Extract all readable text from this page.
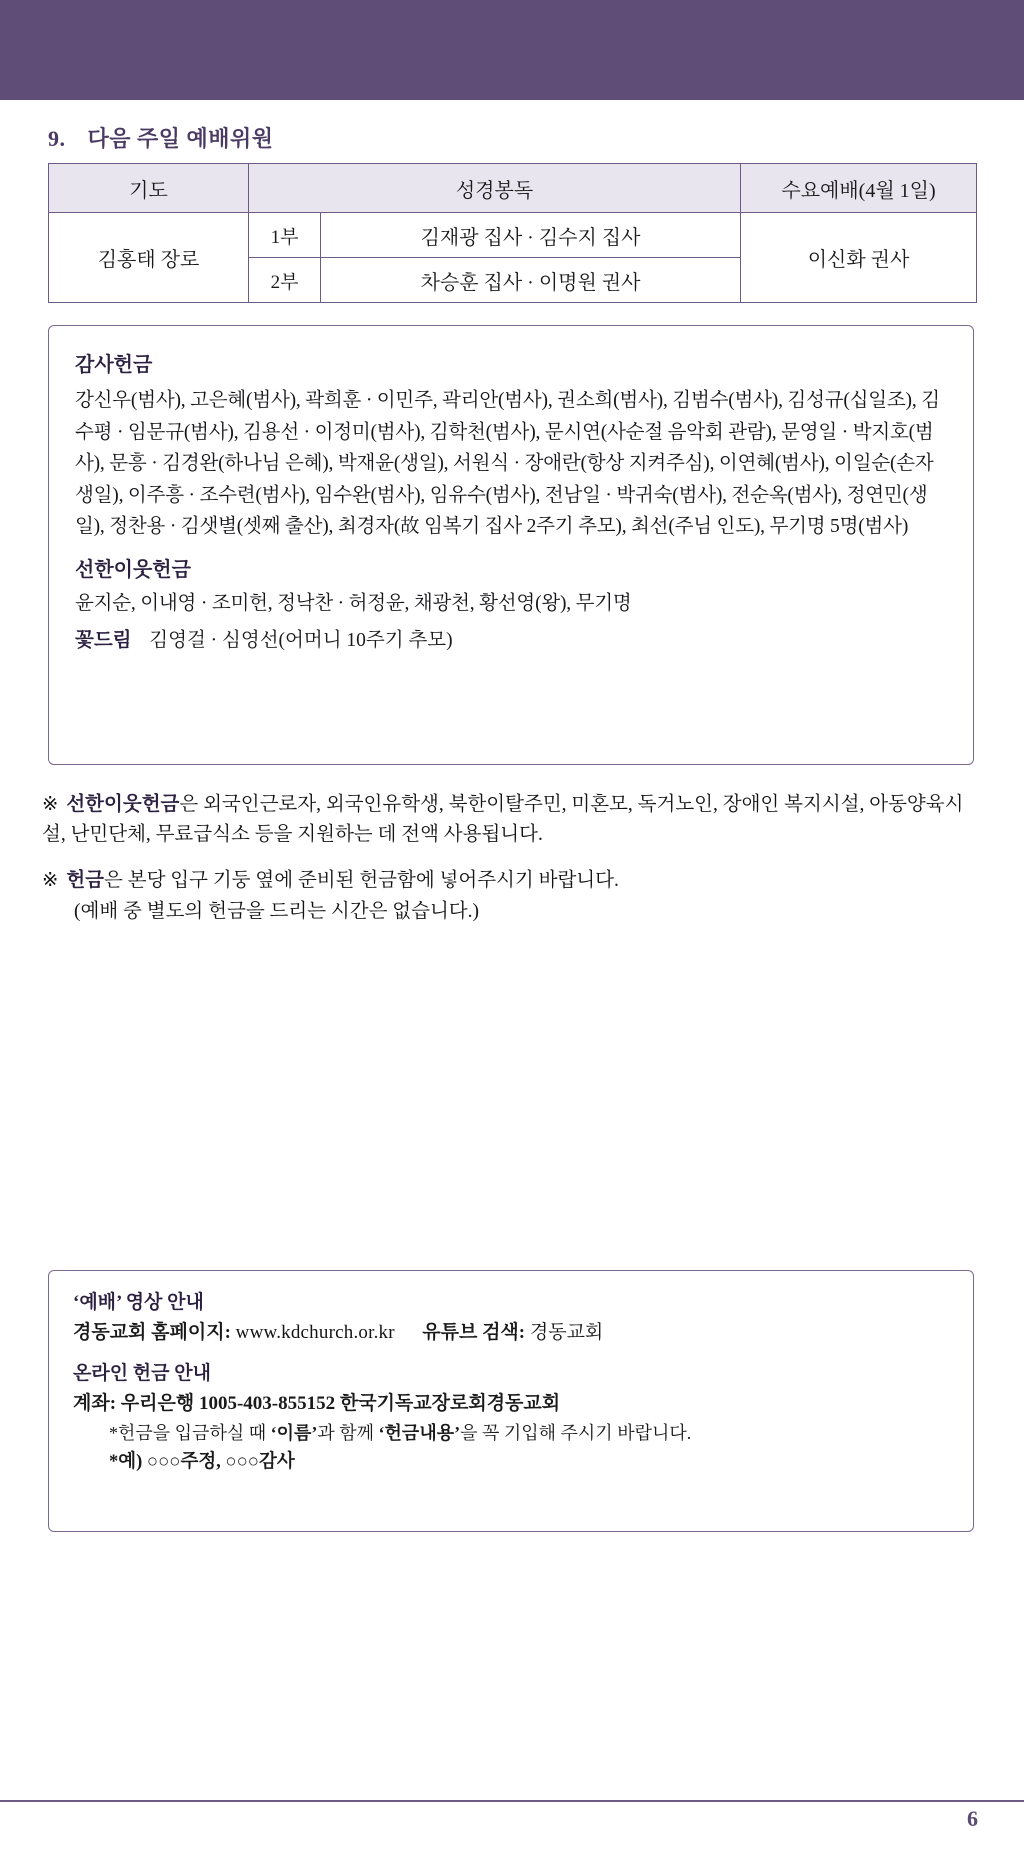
9. 다음 주일 예배위원
기도	성경봉독		수요예배(4월 1일)
김홍태 장로	1부	김재광 집사 · 김수지 집사	이신화 권사
	2부	차승훈 집사 · 이명원 권사	
감사헌금
강신우(범사), 고은혜(범사), 곽희훈 · 이민주, 곽리안(범사), 권소희(범사), 김범수(범사), 김성규(십일조), 김수평 · 임문규(범사), 김용선 · 이정미(범사), 김학천(범사), 문시연(사순절 음악회 관람), 문영일 · 박지호(범사), 문흥 · 김경완(하나님 은혜), 박재윤(생일), 서원식 · 장애란(항상 지켜주심), 이연혜(범사), 이일순(손자 생일), 이주흥 · 조수련(범사), 임수완(범사), 임유수(범사), 전남일 · 박귀숙(범사), 전순옥(범사), 정연민(생일), 정찬용 · 김샛별(셋째 출산), 최경자(故 임복기 집사 2주기 추모), 최선(주님 인도), 무기명 5명(범사)
선한이웃헌금
윤지순, 이내영 · 조미헌, 정낙찬 · 허정윤, 채광천, 황선영(왕), 무기명
꽃드림 김영걸 · 심영선(어머니 10주기 추모)
※ 선한이웃헌금은 외국인근로자, 외국인유학생, 북한이탈주민, 미혼모, 독거노인, 장애인 복지시설, 아동양육시설, 난민단체, 무료급식소 등을 지원하는 데 전액 사용됩니다.
※ 헌금은 본당 입구 기둥 옆에 준비된 헌금함에 넣어주시기 바랍니다.
(예배 중 별도의 헌금을 드리는 시간은 없습니다.)
‘예배’ 영상 안내
경동교회 홈페이지: www.kdchurch.or.kr 유튜브 검색: 경동교회
온라인 헌금 안내
계좌: 우리은행 1005-403-855152 한국기독교장로회경동교회
*헌금을 입금하실 때 ‘이름’과 함께 ‘헌금내용’을 꼭 기입해 주시기 바랍니다.
*예) ○○○주정, ○○○감사
6
